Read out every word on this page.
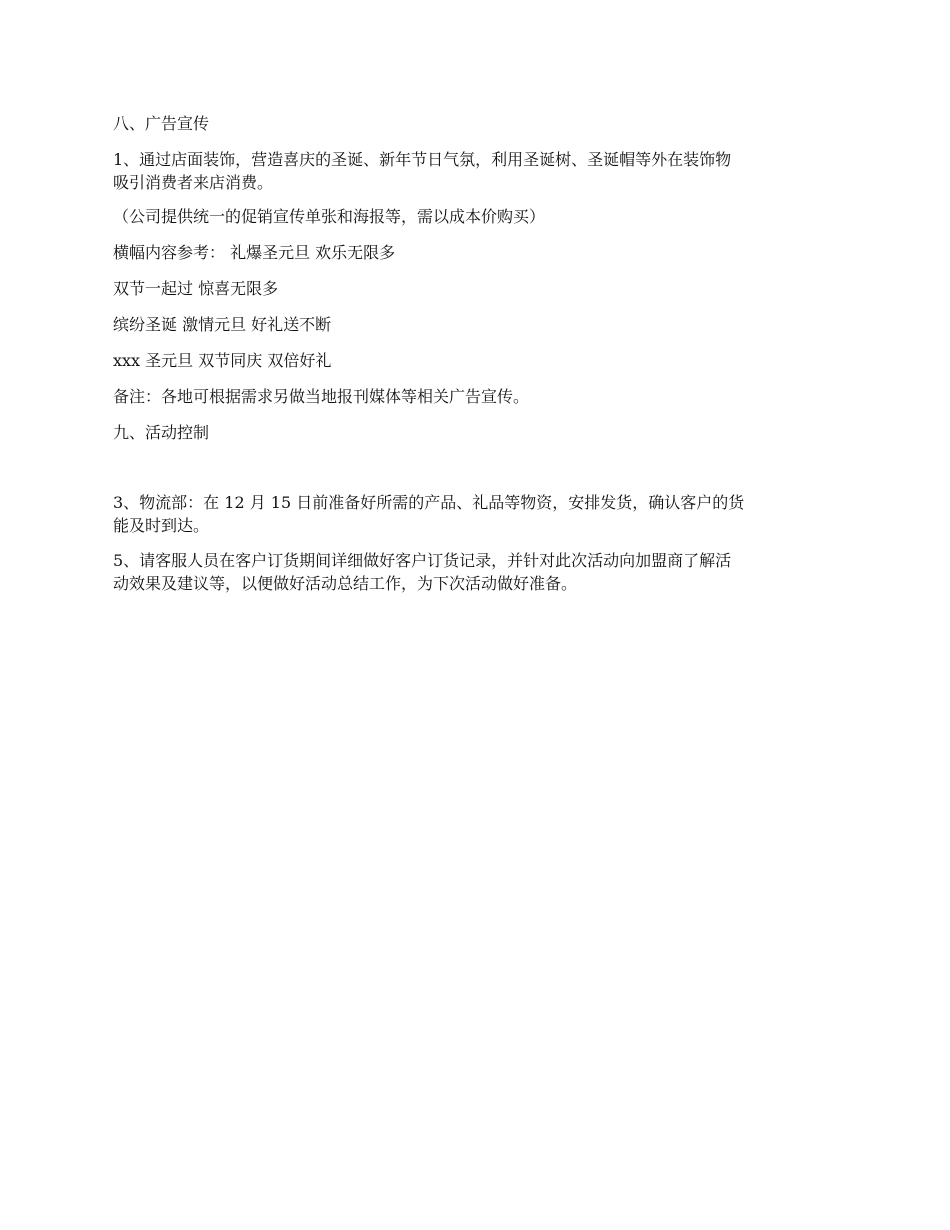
八、广告宣传

1、通过店面装饰，营造喜庆的圣诞、新年节日气氛，利用圣诞树、圣诞帽等外在装饰物
吸引消费者来店消费。

（公司提供统一的促销宣传单张和海报等，需以成本价购买）

横幅内容参考： 礼爆圣元旦 欢乐无限多

双节一起过 惊喜无限多

缤纷圣诞 激情元旦 好礼送不断

xxx 圣元旦 双节同庆 双倍好礼

备注：各地可根据需求另做当地报刊媒体等相关广告宣传。

九、活动控制

3、物流部：在 12 月 15 日前准备好所需的产品、礼品等物资，安排发货，确认客户的货
能及时到达。

5、请客服人员在客户订货期间详细做好客户订货记录，并针对此次活动向加盟商了解活
动效果及建议等，以便做好活动总结工作，为下次活动做好准备。
